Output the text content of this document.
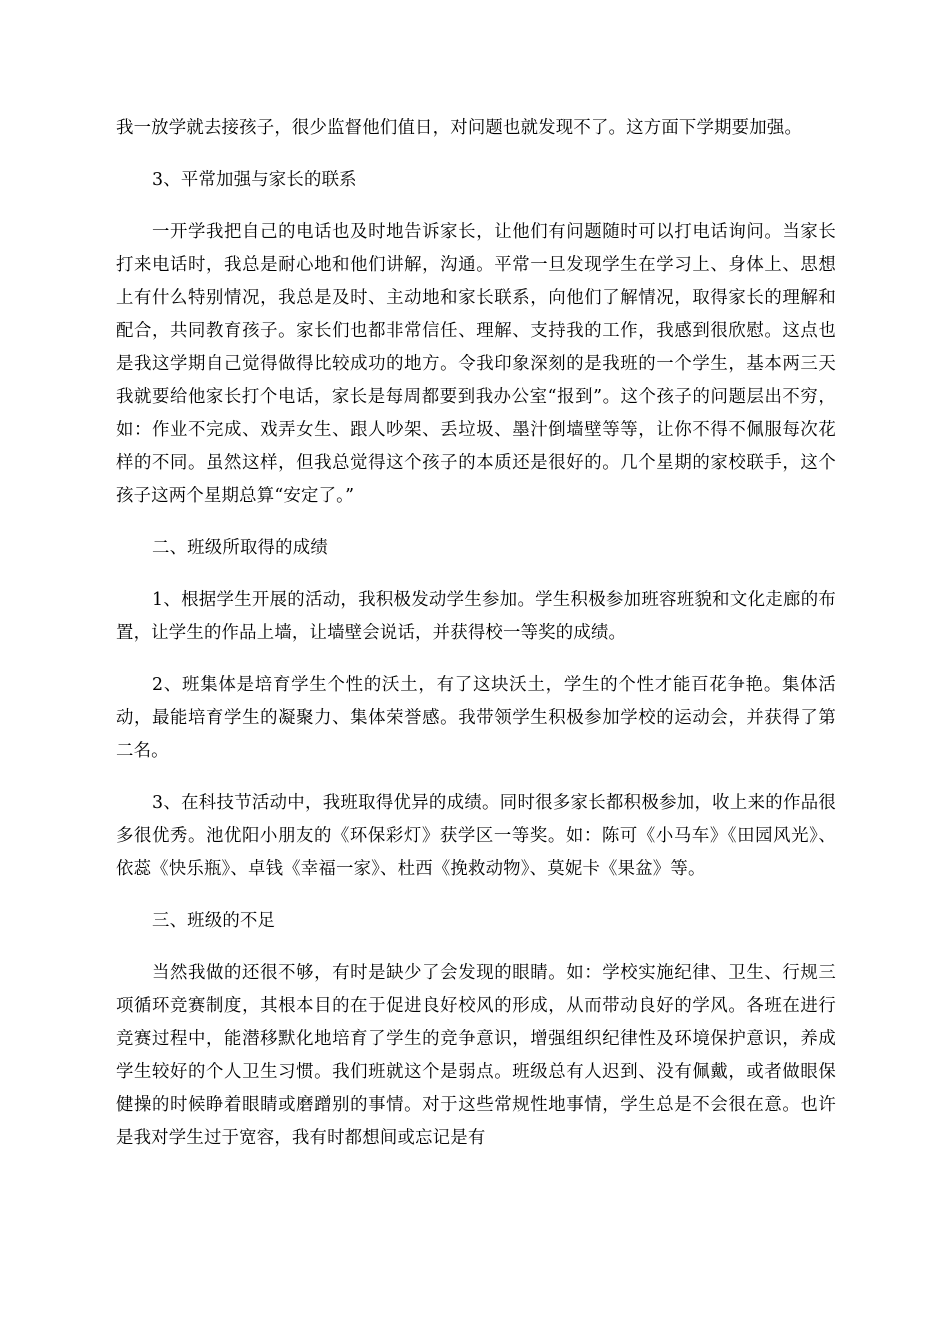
我一放学就去接孩子，很少监督他们值日，对问题也就发现不了。这方面下学期要加强。

3、平常加强与家长的联系

一开学我把自己的电话也及时地告诉家长，让他们有问题随时可以打电话询问。当家长打来电话时，我总是耐心地和他们讲解，沟通。平常一旦发现学生在学习上、身体上、思想上有什么特别情况，我总是及时、主动地和家长联系，向他们了解情况，取得家长的理解和配合，共同教育孩子。家长们也都非常信任、理解、支持我的工作，我感到很欣慰。这点也是我这学期自己觉得做得比较成功的地方。令我印象深刻的是我班的一个学生，基本两三天我就要给他家长打个电话，家长是每周都要到我办公室“报到”。这个孩子的问题层出不穷，如：作业不完成、戏弄女生、跟人吵架、丢垃圾、墨汁倒墙壁等等，让你不得不佩服每次花样的不同。虽然这样，但我总觉得这个孩子的本质还是很好的。几个星期的家校联手，这个孩子这两个星期总算“安定了。”

二、班级所取得的成绩

1、根据学生开展的活动，我积极发动学生参加。学生积极参加班容班貌和文化走廊的布置，让学生的作品上墙，让墙壁会说话，并获得校一等奖的成绩。

2、班集体是培育学生个性的沃土，有了这块沃土，学生的个性才能百花争艳。集体活动，最能培育学生的凝聚力、集体荣誉感。我带领学生积极参加学校的运动会，并获得了第二名。

3、在科技节活动中，我班取得优异的成绩。同时很多家长都积极参加，收上来的作品很多很优秀。池优阳小朋友的《环保彩灯》获学区一等奖。如：陈可《小马车》《田园风光》、依蕊《快乐瓶》、卓钱《幸福一家》、杜西《挽救动物》、莫妮卡《果盆》等。

三、班级的不足

当然我做的还很不够，有时是缺少了会发现的眼睛。如：学校实施纪律、卫生、行规三项循环竞赛制度，其根本目的在于促进良好校风的形成，从而带动良好的学风。各班在进行竞赛过程中，能潜移默化地培育了学生的竞争意识，增强组织纪律性及环境保护意识，养成学生较好的个人卫生习惯。我们班就这个是弱点。班级总有人迟到、没有佩戴，或者做眼保健操的时候睁着眼睛或磨蹭别的事情。对于这些常规性地事情，学生总是不会很在意。也许是我对学生过于宽容，我有时都想间或忘记是有
